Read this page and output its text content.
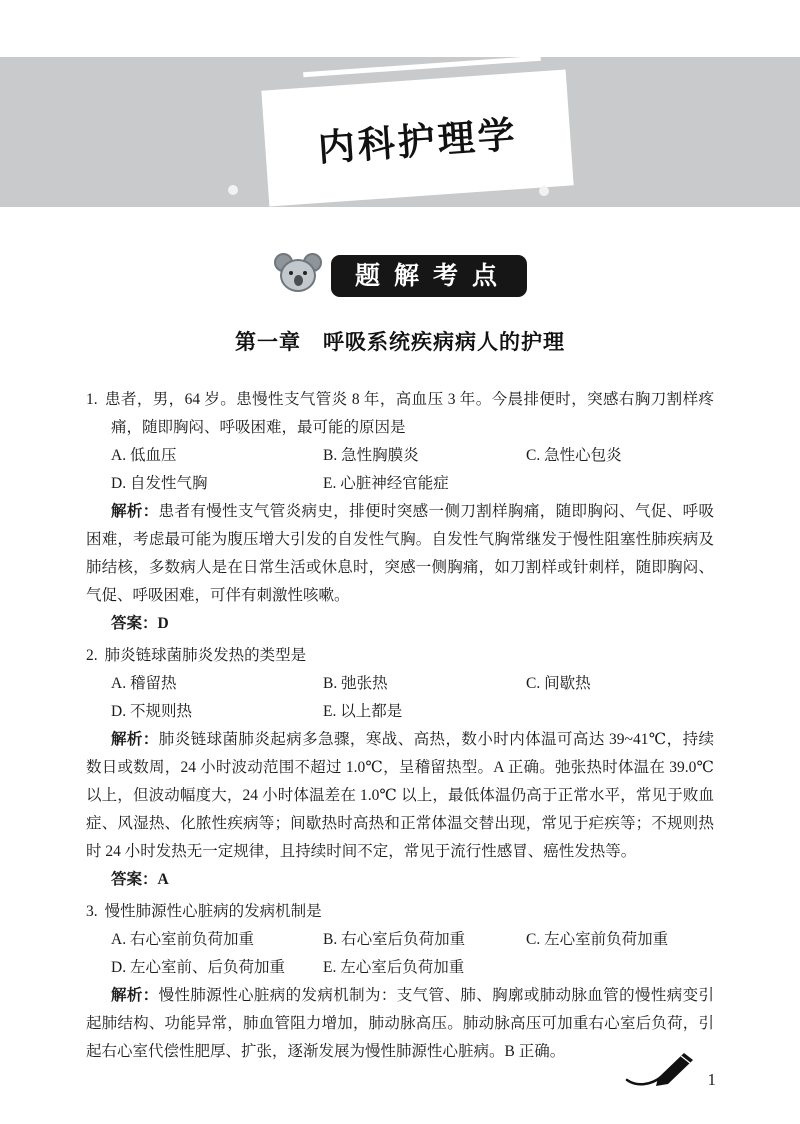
内科护理学
题解考点
第一章　呼吸系统疾病病人的护理

1. 患者，男，64 岁。患慢性支气管炎 8 年，高血压 3 年。今晨排便时，突感右胸刀割样疼痛，随即胸闷、呼吸困难，最可能的原因是

A. 低血压	B. 急性胸膜炎	C. 急性心包炎
D. 自发性气胸	E. 心脏神经官能症

解析：患者有慢性支气管炎病史，排便时突感一侧刀割样胸痛，随即胸闷、气促、呼吸困难，考虑最可能为腹压增大引发的自发性气胸。自发性气胸常继发于慢性阻塞性肺疾病及肺结核，多数病人是在日常生活或休息时，突感一侧胸痛，如刀割样或针刺样，随即胸闷、气促、呼吸困难，可伴有刺激性咳嗽。

答案：D

2. 肺炎链球菌肺炎发热的类型是

A. 稽留热	B. 弛张热	C. 间歇热
D. 不规则热	E. 以上都是

解析：肺炎链球菌肺炎起病多急骤，寒战、高热，数小时内体温可高达 39~41℃，持续数日或数周，24 小时波动范围不超过 1.0℃，呈稽留热型。A 正确。弛张热时体温在 39.0℃ 以上，但波动幅度大，24 小时体温差在 1.0℃ 以上，最低体温仍高于正常水平，常见于败血症、风湿热、化脓性疾病等；间歇热时高热和正常体温交替出现，常见于疟疾等；不规则热时 24 小时发热无一定规律，且持续时间不定，常见于流行性感冒、癌性发热等。

答案：A

3. 慢性肺源性心脏病的发病机制是

A. 右心室前负荷加重	B. 右心室后负荷加重	C. 左心室前负荷加重
D. 左心室前、后负荷加重	E. 左心室后负荷加重

解析：慢性肺源性心脏病的发病机制为：支气管、肺、胸廓或肺动脉血管的慢性病变引起肺结构、功能异常，肺血管阻力增加，肺动脉高压。肺动脉高压可加重右心室后负荷，引起右心室代偿性肥厚、扩张，逐渐发展为慢性肺源性心脏病。B 正确。

1
